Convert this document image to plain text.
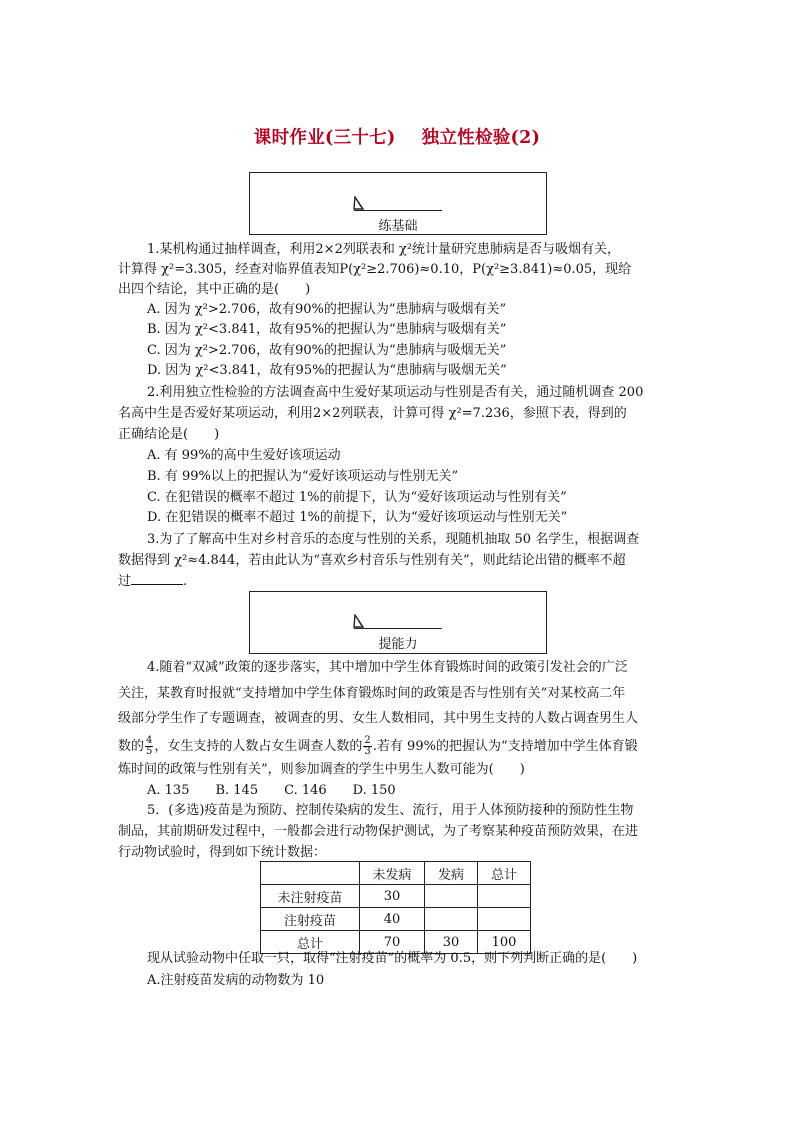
课时作业(三十七) 独立性检验(2)
练基础
1.某机构通过抽样调查，利用2×2列联表和 χ²统计量研究患肺病是否与吸烟有关，
计算得 χ²=3.305，经查对临界值表知P(χ²≥2.706)≈0.10，P(χ²≥3.841)≈0.05，现给
出四个结论，其中正确的是(　　)
A. 因为 χ²>2.706，故有90%的把握认为“患肺病与吸烟有关”
B. 因为 χ²<3.841，故有95%的把握认为“患肺病与吸烟有关”
C. 因为 χ²>2.706，故有90%的把握认为“患肺病与吸烟无关”
D. 因为 χ²<3.841，故有95%的把握认为“患肺病与吸烟无关”
2.利用独立性检验的方法调查高中生爱好某项运动与性别是否有关，通过随机调查 200
名高中生是否爱好某项运动，利用2×2列联表，计算可得 χ²=7.236，参照下表，得到的
正确结论是(　　)
A. 有 99%的高中生爱好该项运动
B. 有 99%以上的把握认为“爱好该项运动与性别无关”
C. 在犯错误的概率不超过 1%的前提下，认为“爱好该项运动与性别有关”
D. 在犯错误的概率不超过 1%的前提下，认为“爱好该项运动与性别无关”
3.为了了解高中生对乡村音乐的态度与性别的关系，现随机抽取 50 名学生，根据调查
数据得到 χ²≈4.844，若由此认为“喜欢乡村音乐与性别有关”，则此结论出错的概率不超
过	.
提能力
4.随着“双减”政策的逐步落实，其中增加中学生体育锻炼时间的政策引发社会的广泛
关注，某教育时报就“支持增加中学生体育锻炼时间的政策是否与性别有关”对某校高二年
级部分学生作了专题调查，被调查的男、女生人数相同，其中男生支持的人数占调查男生人
数的 $\frac{4}{5}$ ，女生支持的人数占女生调查人数的 $\frac{2}{3}$ .若有 99%的把握认为“支持增加中学生体育锻
炼时间的政策与性别有关”，则参加调查的学生中男生人数可能为(　　)
A. 135　　B. 145　　C. 146　　D. 150
5．(多选)疫苗是为预防、控制传染病的发生、流行，用于人体预防接种的预防性生物
制品，其前期研发过程中，一般都会进行动物保护测试，为了考察某种疫苗预防效果，在进
行动物试验时，得到如下统计数据：
	未发病	发病	总计
未注射疫苗	30		
注射疫苗	40		
总计	70	30	100
现从试验动物中任取一只，取得“注射疫苗”的概率为 0.5，则下列判断正确的是(　　)
A.注射疫苗发病的动物数为 10
